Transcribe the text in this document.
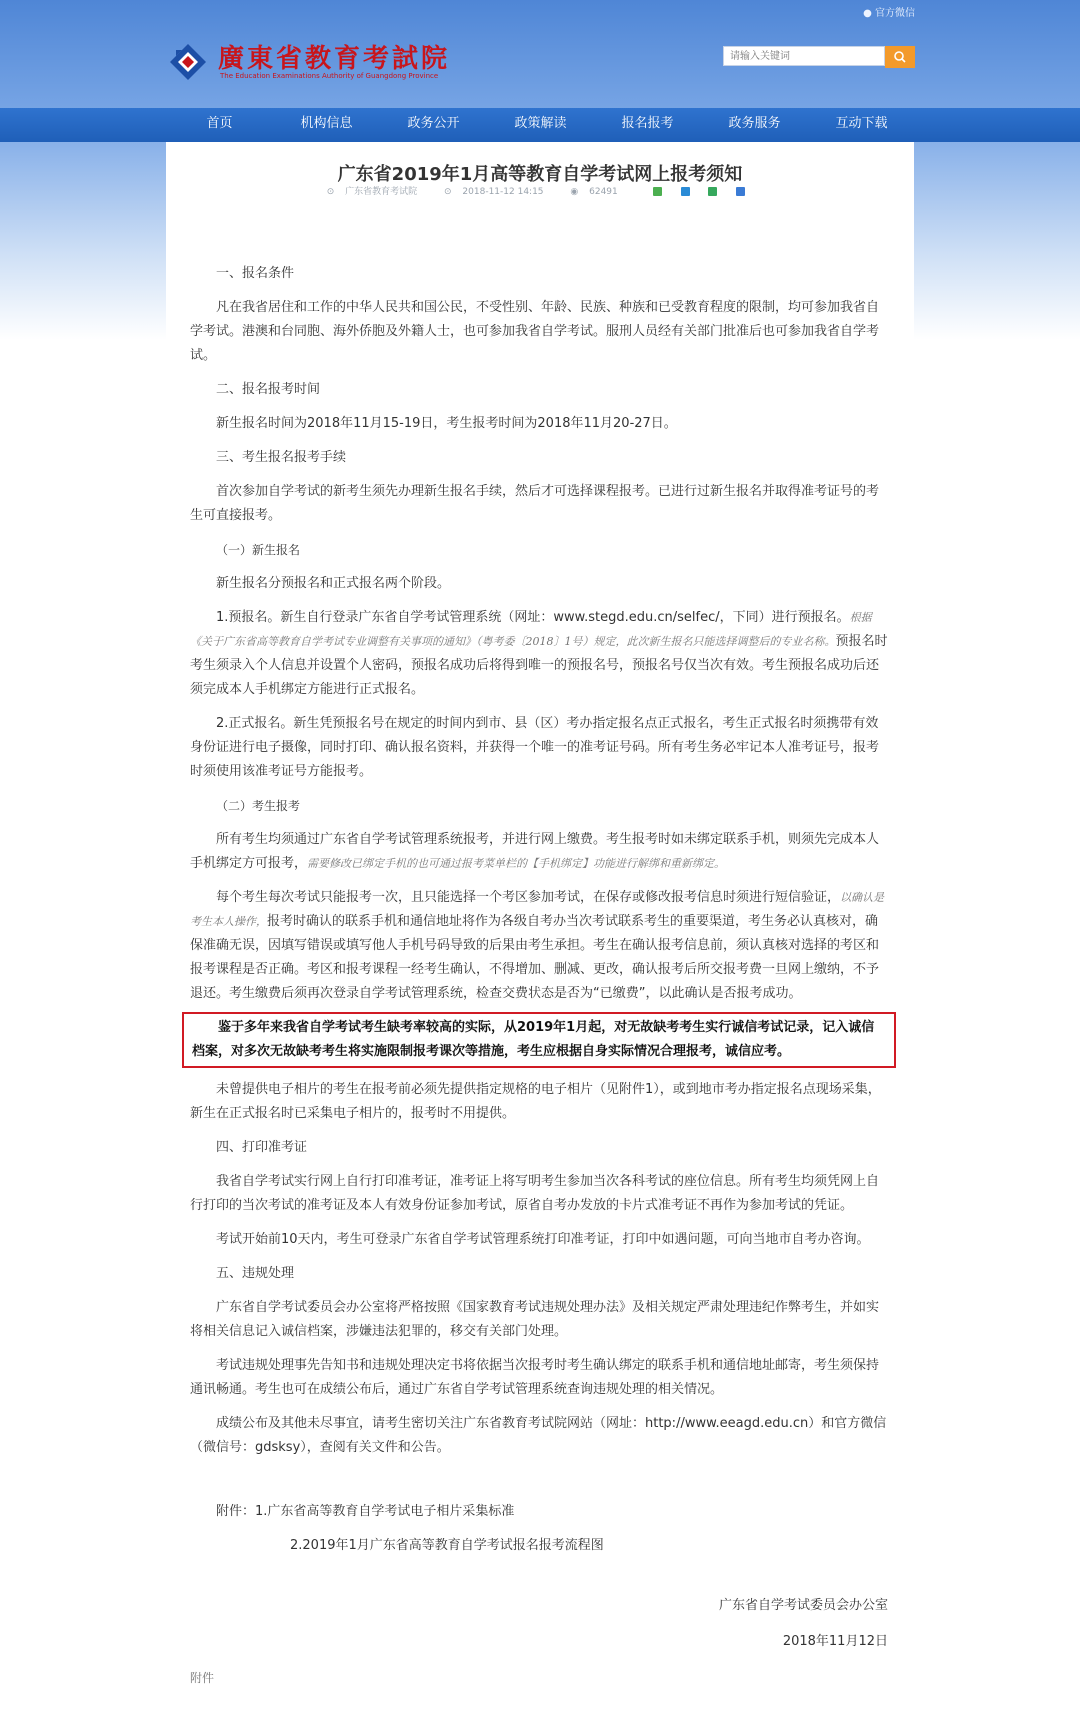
● 官方微信
廣東省教育考試院
The Education Examinations Authority of Guangdong Province
请输入关键词
首页	机构信息	政务公开	政策解读	报名报考	政务服务	互动下载
广东省2019年1月高等教育自学考试网上报考须知
⊙ 广东省教育考试院	⊙ 2018-11-12 14:15	◉ 62491

一、报名条件

凡在我省居住和工作的中华人民共和国公民，不受性别、年龄、民族、种族和已受教育程度的限制，均可参加我省自学考试。港澳和台同胞、海外侨胞及外籍人士，也可参加我省自学考试。服刑人员经有关部门批准后也可参加我省自学考试。

二、报名报考时间

新生报名时间为2018年11月15-19日，考生报考时间为2018年11月20-27日。

三、考生报名报考手续

首次参加自学考试的新考生须先办理新生报名手续，然后才可选择课程报考。已进行过新生报名并取得准考证号的考生可直接报考。

（一）新生报名

新生报名分预报名和正式报名两个阶段。

1.预报名。新生自行登录广东省自学考试管理系统（网址：www.stegd.edu.cn/selfec/，下同）进行预报名。根据《关于广东省高等教育自学考试专业调整有关事项的通知》（粤考委〔2018〕1号）规定，此次新生报名只能选择调整后的专业名称。预报名时考生须录入个人信息并设置个人密码，预报名成功后将得到唯一的预报名号，预报名号仅当次有效。考生预报名成功后还须完成本人手机绑定方能进行正式报名。

2.正式报名。新生凭预报名号在规定的时间内到市、县（区）考办指定报名点正式报名，考生正式报名时须携带有效身份证进行电子摄像，同时打印、确认报名资料，并获得一个唯一的准考证号码。所有考生务必牢记本人准考证号，报考时须使用该准考证号方能报考。

（二）考生报考

所有考生均须通过广东省自学考试管理系统报考，并进行网上缴费。考生报考时如未绑定联系手机，则须先完成本人手机绑定方可报考，需要修改已绑定手机的也可通过报考菜单栏的【手机绑定】功能进行解绑和重新绑定。

每个考生每次考试只能报考一次，且只能选择一个考区参加考试，在保存或修改报考信息时须进行短信验证，以确认是考生本人操作，报考时确认的联系手机和通信地址将作为各级自考办当次考试联系考生的重要渠道，考生务必认真核对，确保准确无误，因填写错误或填写他人手机号码导致的后果由考生承担。考生在确认报考信息前，须认真核对选择的考区和报考课程是否正确。考区和报考课程一经考生确认，不得增加、删减、更改，确认报考后所交报考费一旦网上缴纳，不予退还。考生缴费后须再次登录自学考试管理系统，检查交费状态是否为“已缴费”，以此确认是否报考成功。

鉴于多年来我省自学考试考生缺考率较高的实际，从2019年1月起，对无故缺考考生实行诚信考试记录，记入诚信档案，对多次无故缺考考生将实施限制报考课次等措施，考生应根据自身实际情况合理报考，诚信应考。

未曾提供电子相片的考生在报考前必须先提供指定规格的电子相片（见附件1），或到地市考办指定报名点现场采集，新生在正式报名时已采集电子相片的，报考时不用提供。

四、打印准考证

我省自学考试实行网上自行打印准考证，准考证上将写明考生参加当次各科考试的座位信息。所有考生均须凭网上自行打印的当次考试的准考证及本人有效身份证参加考试，原省自考办发放的卡片式准考证不再作为参加考试的凭证。

考试开始前10天内，考生可登录广东省自学考试管理系统打印准考证，打印中如遇问题，可向当地市自考办咨询。

五、违规处理

广东省自学考试委员会办公室将严格按照《国家教育考试违规处理办法》及相关规定严肃处理违纪作弊考生，并如实将相关信息记入诚信档案，涉嫌违法犯罪的，移交有关部门处理。

考试违规处理事先告知书和违规处理决定书将依据当次报考时考生确认绑定的联系手机和通信地址邮寄，考生须保持通讯畅通。考生也可在成绩公布后，通过广东省自学考试管理系统查询违规处理的相关情况。

成绩公布及其他未尽事宜，请考生密切关注广东省教育考试院网站（网址：http://www.eeagd.edu.cn）和官方微信（微信号：gdsksy），查阅有关文件和公告。

附件：1.广东省高等教育自学考试电子相片采集标准

2.2019年1月广东省高等教育自学考试报名报考流程图

广东省自学考试委员会办公室

2018年11月12日

附件
